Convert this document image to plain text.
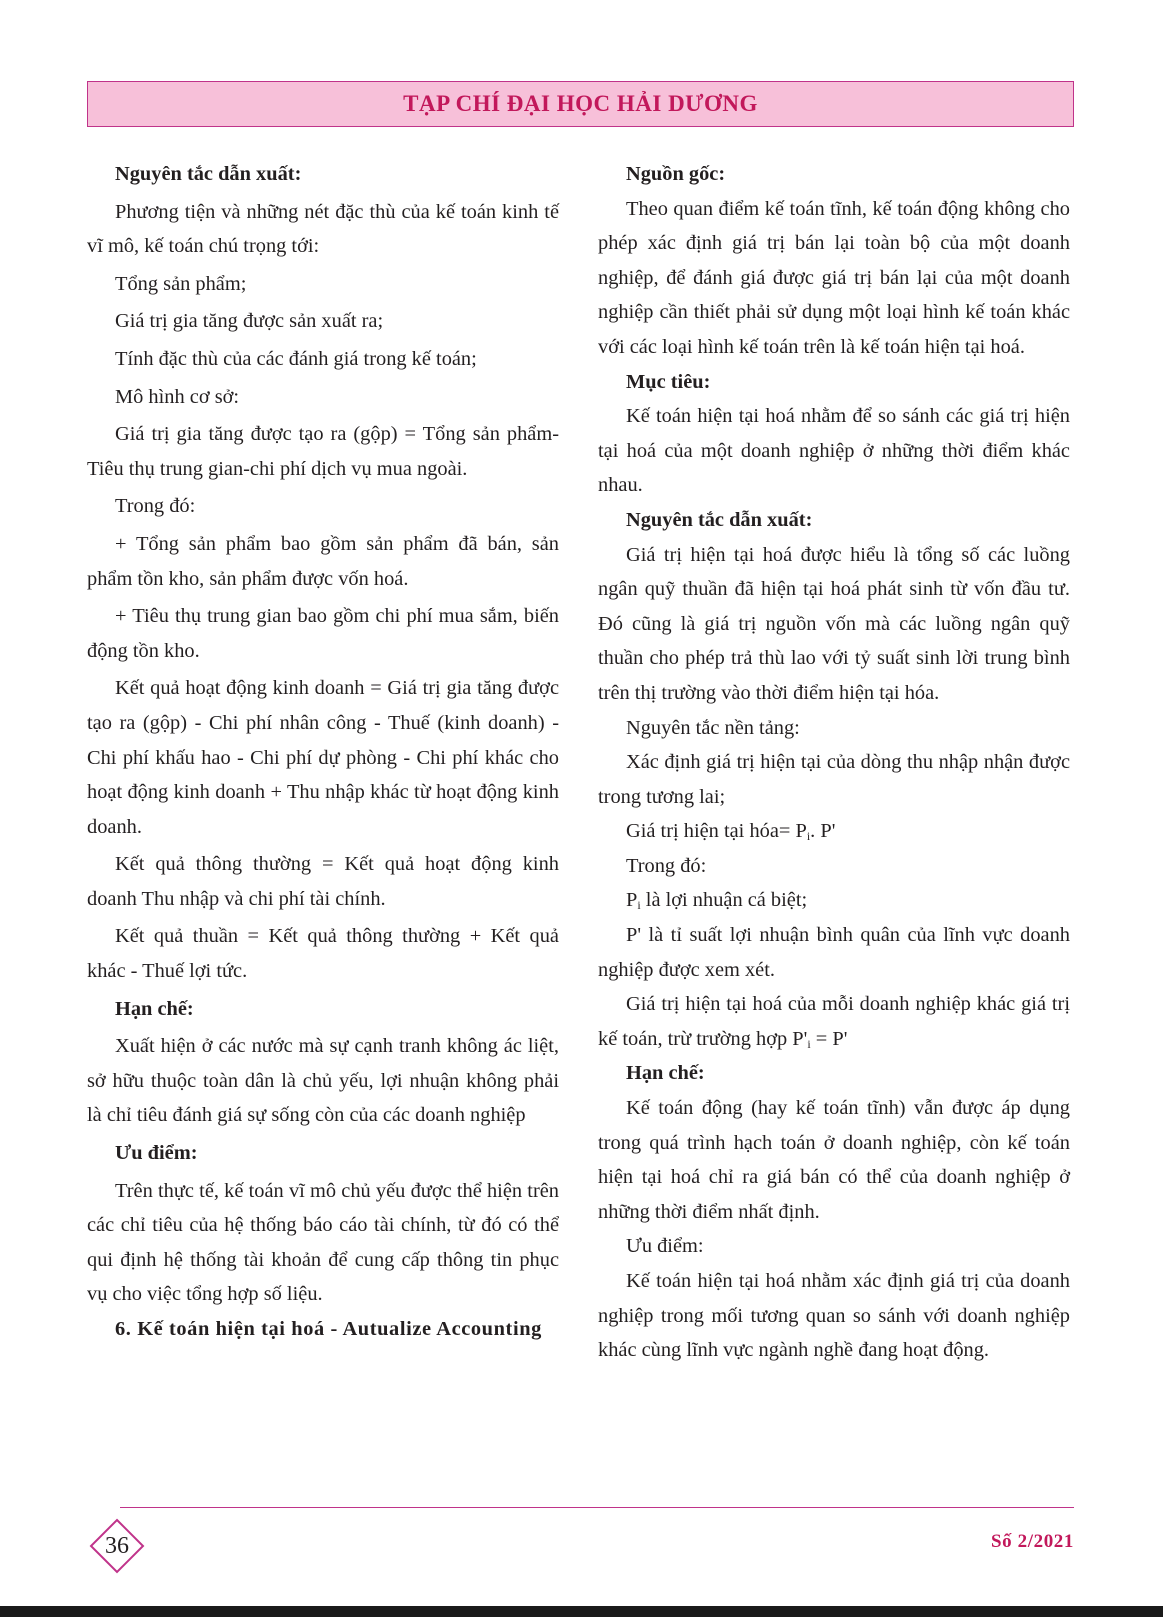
TẠP CHÍ ĐẠI HỌC HẢI DƯƠNG

Nguyên tắc dẫn xuất:

Phương tiện và những nét đặc thù của kế toán kinh tế vĩ mô, kế toán chú trọng tới:

Tổng sản phẩm;

Giá trị gia tăng được sản xuất ra;

Tính đặc thù của các đánh giá trong kế toán;

Mô hình cơ sở:

Giá trị gia tăng được tạo ra (gộp) = Tổng sản phẩm-Tiêu thụ trung gian-chi phí dịch vụ mua ngoài.

Trong đó:

+ Tổng sản phẩm bao gồm sản phẩm đã bán, sản phẩm tồn kho, sản phẩm được vốn hoá.

+ Tiêu thụ trung gian bao gồm chi phí mua sắm, biến động tồn kho.

Kết quả hoạt động kinh doanh = Giá trị gia tăng được tạo ra (gộp) - Chi phí nhân công - Thuế (kinh doanh) - Chi phí khấu hao - Chi phí dự phòng - Chi phí khác cho hoạt động kinh doanh + Thu nhập khác từ hoạt động kinh doanh.

Kết quả thông thường = Kết quả hoạt động kinh doanh Thu nhập và chi phí tài chính.

Kết quả thuần = Kết quả thông thường + Kết quả khác - Thuế lợi tức.

Hạn chế:

Xuất hiện ở các nước mà sự cạnh tranh không ác liệt, sở hữu thuộc toàn dân là chủ yếu, lợi nhuận không phải là chỉ tiêu đánh giá sự sống còn của các doanh nghiệp

Ưu điểm:

Trên thực tế, kế toán vĩ mô chủ yếu được thể hiện trên các chỉ tiêu của hệ thống báo cáo tài chính, từ đó có thể qui định hệ thống tài khoản để cung cấp thông tin phục vụ cho việc tổng hợp số liệu.

6. Kế toán hiện tại hoá - Autualize Accounting

Nguồn gốc:

Theo quan điểm kế toán tĩnh, kế toán động không cho phép xác định giá trị bán lại toàn bộ của một doanh nghiệp, để đánh giá được giá trị bán lại của một doanh nghiệp cần thiết phải sử dụng một loại hình kế toán khác với các loại hình kế toán trên là kế toán hiện tại hoá.

Mục tiêu:

Kế toán hiện tại hoá nhằm để so sánh các giá trị hiện tại hoá của một doanh nghiệp ở những thời điểm khác nhau.

Nguyên tắc dẫn xuất:

Giá trị hiện tại hoá được hiểu là tổng số các luồng ngân quỹ thuần đã hiện tại hoá phát sinh từ vốn đầu tư. Đó cũng là giá trị nguồn vốn mà các luồng ngân quỹ thuần cho phép trả thù lao với tỷ suất sinh lời trung bình trên thị trường vào thời điểm hiện tại hóa.

Nguyên tắc nền tảng:

Xác định giá trị hiện tại của dòng thu nhập nhận được trong tương lai;

Giá trị hiện tại hóa= $P_i$. P'

Trong đó:

$P_i$ là lợi nhuận cá biệt;

P' là tỉ suất lợi nhuận bình quân của lĩnh vực doanh nghiệp được xem xét.

Giá trị hiện tại hoá của mỗi doanh nghiệp khác giá trị kế toán, trừ trường hợp $P'_i = P'$

Hạn chế:

Kế toán động (hay kế toán tĩnh) vẫn được áp dụng trong quá trình hạch toán ở doanh nghiệp, còn kế toán hiện tại hoá chỉ ra giá bán có thể của doanh nghiệp ở những thời điểm nhất định.

Ưu điểm:

Kế toán hiện tại hoá nhằm xác định giá trị của doanh nghiệp trong mối tương quan so sánh với doanh nghiệp khác cùng lĩnh vực ngành nghề đang hoạt động.

36	Số 2/2021
